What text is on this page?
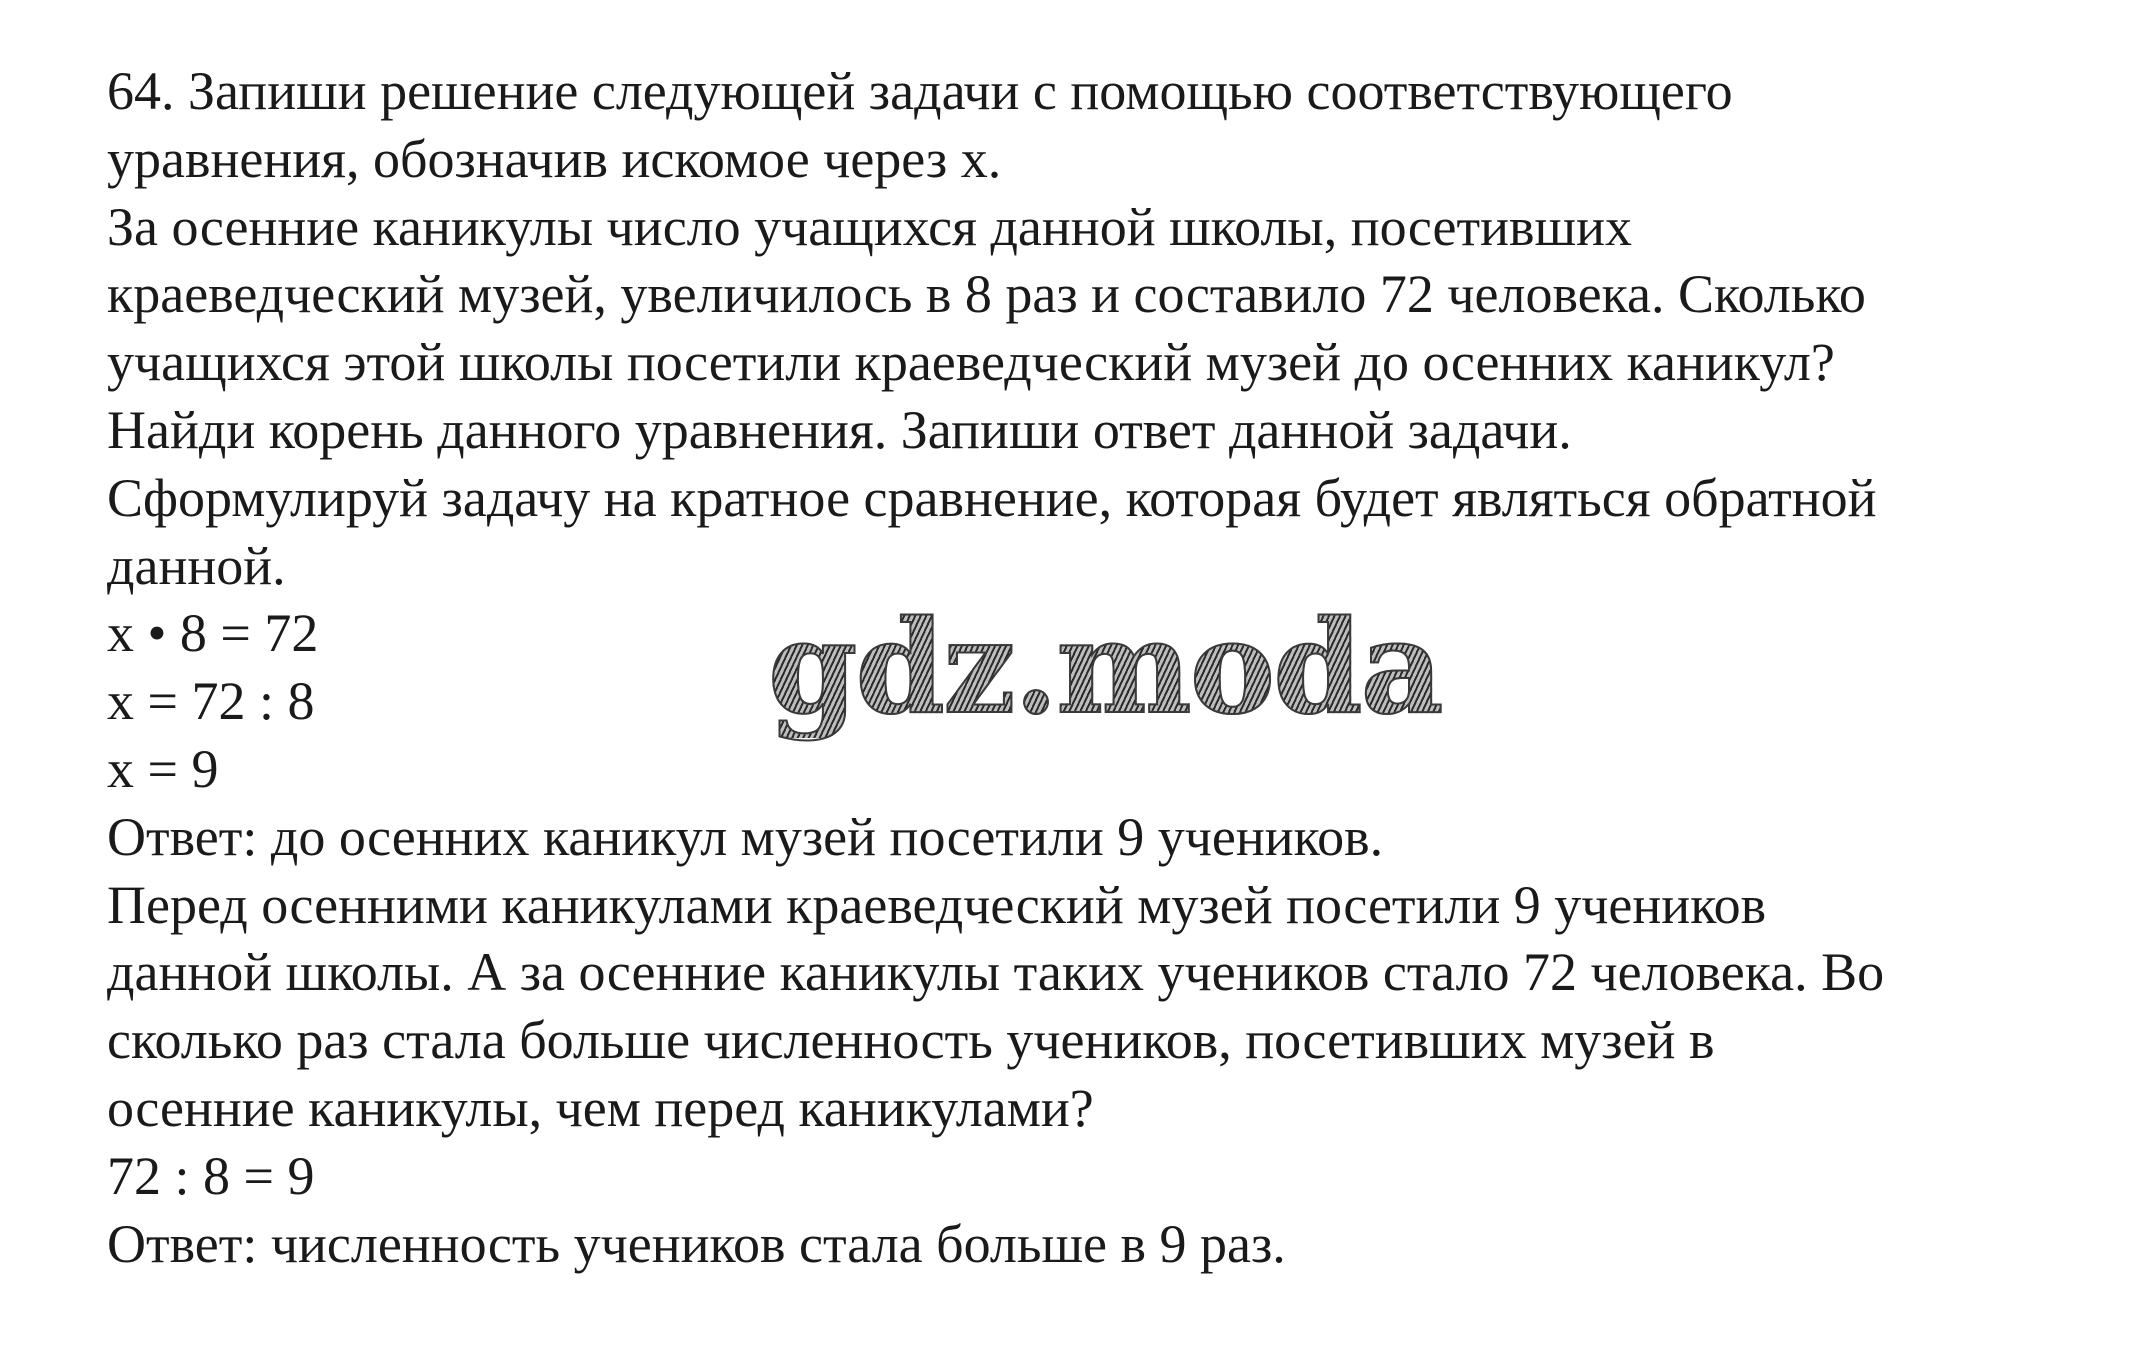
64. Запиши решение следующей задачи с помощью соответствующего
уравнения, обозначив искомое через х.
За осенние каникулы число учащихся данной школы, посетивших
краеведческий музей, увеличилось в 8 раз и составило 72 человека. Сколько
учащихся этой школы посетили краеведческий музей до осенних каникул?
Найди корень данного уравнения. Запиши ответ данной задачи.
Сформулируй задачу на кратное сравнение, которая будет являться обратной
данной.
х • 8 = 72
х = 72 : 8
х = 9
Ответ: до осенних каникул музей посетили 9 учеников.
Перед осенними каникулами краеведческий музей посетили 9 учеников
данной школы. А за осенние каникулы таких учеников стало 72 человека. Во
сколько раз стала больше численность учеников, посетивших музей в
осенние каникулы, чем перед каникулами?
72 : 8 = 9
Ответ: численность учеников стала больше в 9 раз.
gdz.moda
